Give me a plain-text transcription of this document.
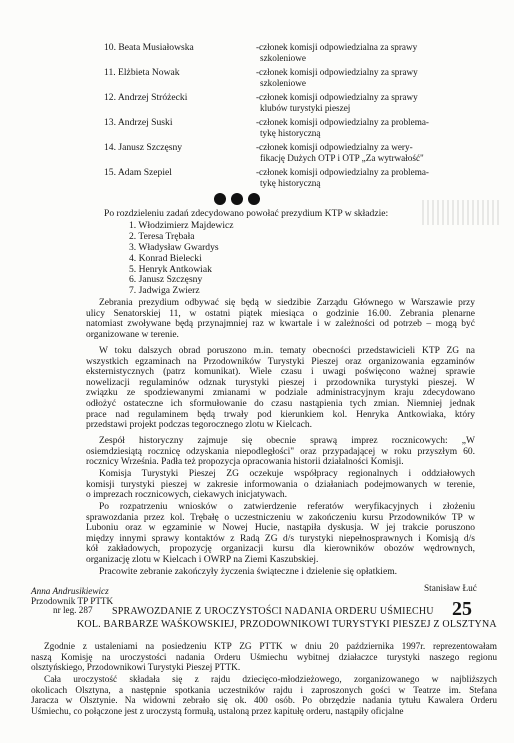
10. Beata Musiałowska	-członek komisji odpowiedzialna za sprawy
szkoleniowe
11. Elżbieta Nowak	-członek komisji odpowiedzialny za sprawy
szkoleniowe
12. Andrzej Stróżecki	-członek komisji odpowiedzialny za sprawy
klubów turystyki pieszej
13. Andrzej Suski	-członek komisji odpowiedzialny za problema-
tykę historyczną
14. Janusz Szczęsny	-członek komisji odpowiedzialny za wery-
fikację Dużych OTP i OTP „Za wytrwałość"
15. Adam Szepiel	-członek komisji odpowiedzialny za problema-
tykę historyczną
Po rozdzieleniu zadań zdecydowano powołać prezydium KTP w składzie:
1. Włodzimierz Majdewicz
2. Teresa Trębała
3. Władysław Gwardys
4. Konrad Bielecki
5. Henryk Antkowiak
6. Janusz Szczęsny
7. Jadwiga Zwierz
Zebrania prezydium odbywać się będą w siedzibie Zarządu Głównego w Warszawie przy
ulicy Senatorskiej 11, w ostatni piątek miesiąca o godzinie 16.00. Zebrania plenarne
natomiast zwoływane będą przynajmniej raz w kwartale i w zależności od potrzeb – mogą być
organizowane w terenie.
W toku dalszych obrad poruszono m.in. tematy obecności przedstawicieli KTP ZG na
wszystkich egzaminach na Przodowników Turystyki Pieszej oraz organizowania egzaminów
eksternistycznych (patrz komunikat). Wiele czasu i uwagi poświęcono ważnej sprawie
nowelizacji regulaminów odznak turystyki pieszej i przodownika turystyki pieszej. W
związku ze spodziewanymi zmianami w podziale administracyjnym kraju zdecydowano
odłożyć ostateczne ich sformułowanie do czasu nastąpienia tych zmian. Niemniej jednak
prace nad regulaminem będą trwały pod kierunkiem kol. Henryka Antkowiaka, który
przedstawi projekt podczas tegorocznego zlotu w Kielcach.
Zespół historyczny zajmuje się obecnie sprawą imprez rocznicowych: „W
osiemdziesiątą rocznicę odzyskania niepodległości" oraz przypadającej w roku przyszłym 60.
rocznicy Września. Padła też propozycja opracowania historii działalności Komisji.
Komisja Turystyki Pieszej ZG oczekuje współpracy regionalnych i oddziałowych
komisji turystyki pieszej w zakresie informowania o działaniach podejmowanych w terenie,
o imprezach rocznicowych, ciekawych inicjatywach.
Po rozpatrzeniu wniosków o zatwierdzenie referatów weryfikacyjnych i złożeniu
sprawozdania przez kol. Trębałę o uczestniczeniu w zakończeniu kursu Przodowników TP w
Luboniu oraz w egzaminie w Nowej Hucie, nastąpiła dyskusja. W jej trakcie poruszono
między innymi sprawy kontaktów z Radą ZG d/s turystyki niepełnosprawnych i Komisją d/s
kół zakładowych, propozycję organizacji kursu dla kierowników obozów wędrownych,
organizację zlotu w Kielcach i OWRP na Ziemi Kaszubskiej.
Pracowite zebranie zakończyły życzenia świąteczne i dzielenie się opłatkiem.
Stanisław Łuć
Anna Andrusikiewicz
Przodownik TP PTTK
nr leg. 287	SPRAWOZDANIE Z UROCZYSTOŚCI NADANIA ORDERU UŚMIECHU
KOL. BARBARZE WAŚKOWSKIEJ, PRZODOWNIKOWI TURYSTYKI PIESZEJ Z OLSZTYNA
25
Zgodnie z ustaleniami na posiedzeniu KTP ZG PTTK w dniu 20 października 1997r. reprezentowałam
naszą Komisję na uroczystości nadania Orderu Uśmiechu wybitnej działaczce turystyki naszego regionu
olsztyńskiego, Przodownikowi Turystyki Pieszej PTTK.
Cała uroczystość składała się z rajdu dziecięco-młodzieżowego, zorganizowanego w najbliższych
okolicach Olsztyna, a następnie spotkania uczestników rajdu i zaproszonych gości w Teatrze im. Stefana
Jaracza w Olsztynie. Na widowni zebrało się ok. 400 osób. Po obrzędzie nadania tytułu Kawalera Orderu
Uśmiechu, co połączone jest z uroczystą formułą, ustaloną przez kapitułę orderu, nastąpiły oficjalne
